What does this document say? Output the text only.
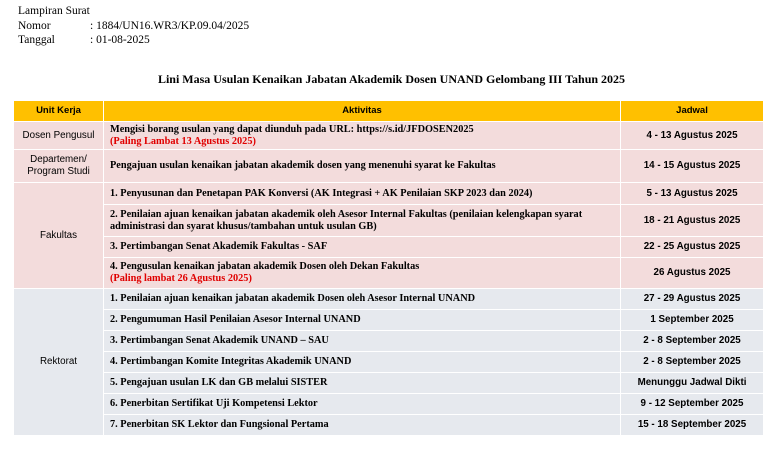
Lampiran Surat
Nomor	: 1884/UN16.WR3/KP.09.04/2025
Tanggal	: 01-08-2025
Lini Masa Usulan Kenaikan Jabatan Akademik Dosen UNAND Gelombang III Tahun 2025
Unit Kerja	Aktivitas	Jadwal
Dosen Pengusul	Mengisi borang usulan yang dapat diunduh pada URL: https://s.id/JFDOSEN2025
(Paling Lambat 13 Agustus 2025)	4 - 13 Agustus 2025

Departemen/
Program Studi	Pengajuan usulan kenaikan jabatan akademik dosen yang menenuhi syarat ke Fakultas	14 - 15 Agustus 2025
Fakultas	1. Penyusunan dan Penetapan PAK Konversi (AK Integrasi + AK Penilaian SKP 2023 dan 2024)	5 - 13 Agustus 2025
	2. Penilaian ajuan kenaikan jabatan akademik oleh Asesor Internal Fakultas (penilaian kelengkapan syarat administrasi dan syarat khusus/tambahan untuk usulan GB)	18 - 21 Agustus 2025
	3. Pertimbangan Senat Akademik Fakultas - SAF	22 - 25 Agustus 2025

	4. Pengusulan kenaikan jabatan akademik Dosen oleh Dekan Fakultas
(Paling lambat 26 Agustus 2025)	26 Agustus 2025
Rektorat	1. Penilaian ajuan kenaikan jabatan akademik Dosen oleh Asesor Internal UNAND	27 - 29 Agustus 2025
	2. Pengumuman Hasil Penilaian Asesor Internal UNAND	1 September 2025
	3. Pertimbangan Senat Akademik UNAND – SAU	2 - 8 September 2025
	4. Pertimbangan Komite Integritas Akademik UNAND	2 - 8 September 2025
	5. Pengajuan usulan LK dan GB melalui SISTER	Menunggu Jadwal Dikti
	6. Penerbitan Sertifikat Uji Kompetensi Lektor	9 - 12 September 2025
	7. Penerbitan SK Lektor dan Fungsional Pertama	15 - 18 September 2025
